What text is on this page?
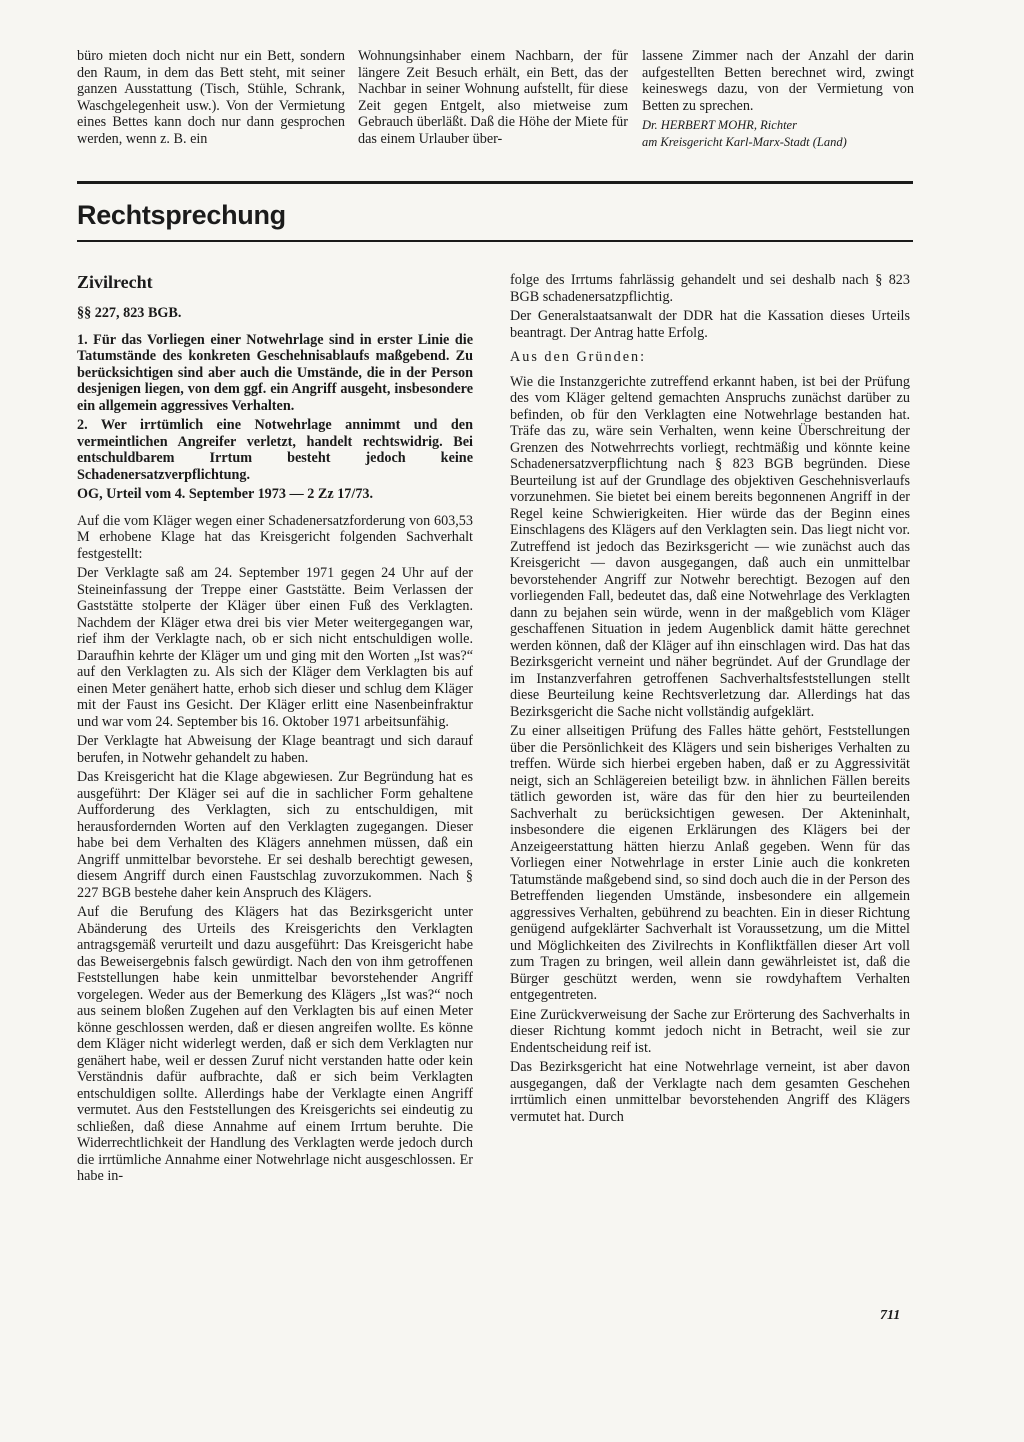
büro mieten doch nicht nur ein Bett, sondern den Raum, in dem das Bett steht, mit seiner ganzen Ausstattung (Tisch, Stühle, Schrank, Waschgelegenheit usw.). Von der Vermietung eines Bettes kann doch nur dann gesprochen werden, wenn z. B. ein

Wohnungsinhaber einem Nachbarn, der für längere Zeit Besuch erhält, ein Bett, das der Nachbar in seiner Wohnung aufstellt, für diese Zeit gegen Entgelt, also mietweise zum Gebrauch überläßt. Daß die Höhe der Miete für das einem Urlauber über-

lassene Zimmer nach der Anzahl der darin aufgestellten Betten berechnet wird, zwingt keineswegs dazu, von der Vermietung von Betten zu sprechen.

Dr. HERBERT MOHR, Richter

am Kreisgericht Karl-Marx-Stadt (Land)

Rechtsprechung
Zivilrecht

§§ 227, 823 BGB.

1. Für das Vorliegen einer Notwehrlage sind in erster Linie die Tatumstände des konkreten Geschehnisablaufs maßgebend. Zu berücksichtigen sind aber auch die Umstände, die in der Person desjenigen liegen, von dem ggf. ein Angriff ausgeht, insbesondere ein allgemein aggressives Verhalten.

2. Wer irrtümlich eine Notwehrlage annimmt und den vermeintlichen Angreifer verletzt, handelt rechtswidrig. Bei entschuldbarem Irrtum besteht jedoch keine Schadenersatzverpflichtung.

OG, Urteil vom 4. September 1973 — 2 Zz 17/73.

Auf die vom Kläger wegen einer Schadenersatzforderung von 603,53 M erhobene Klage hat das Kreisgericht folgenden Sachverhalt festgestellt:

Der Verklagte saß am 24. September 1971 gegen 24 Uhr auf der Steineinfassung der Treppe einer Gaststätte. Beim Verlassen der Gaststätte stolperte der Kläger über einen Fuß des Verklagten. Nachdem der Kläger etwa drei bis vier Meter weitergegangen war, rief ihm der Verklagte nach, ob er sich nicht entschuldigen wolle. Daraufhin kehrte der Kläger um und ging mit den Worten „Ist was?“ auf den Verklagten zu. Als sich der Kläger dem Verklagten bis auf einen Meter genähert hatte, erhob sich dieser und schlug dem Kläger mit der Faust ins Gesicht. Der Kläger erlitt eine Nasenbeinfraktur und war vom 24. September bis 16. Oktober 1971 arbeitsunfähig.

Der Verklagte hat Abweisung der Klage beantragt und sich darauf berufen, in Notwehr gehandelt zu haben.

Das Kreisgericht hat die Klage abgewiesen. Zur Begründung hat es ausgeführt: Der Kläger sei auf die in sachlicher Form gehaltene Aufforderung des Verklagten, sich zu entschuldigen, mit herausfordernden Worten auf den Verklagten zugegangen. Dieser habe bei dem Verhalten des Klägers annehmen müssen, daß ein Angriff unmittelbar bevorstehe. Er sei deshalb berechtigt gewesen, diesem Angriff durch einen Faustschlag zuvorzukommen. Nach § 227 BGB bestehe daher kein Anspruch des Klägers.

Auf die Berufung des Klägers hat das Bezirksgericht unter Abänderung des Urteils des Kreisgerichts den Verklagten antragsgemäß verurteilt und dazu ausgeführt: Das Kreisgericht habe das Beweisergebnis falsch gewürdigt. Nach den von ihm getroffenen Feststellungen habe kein unmittelbar bevorstehender Angriff vorgelegen. Weder aus der Bemerkung des Klägers „Ist was?“ noch aus seinem bloßen Zugehen auf den Verklagten bis auf einen Meter könne geschlossen werden, daß er diesen angreifen wollte. Es könne dem Kläger nicht widerlegt werden, daß er sich dem Verklagten nur genähert habe, weil er dessen Zuruf nicht verstanden hatte oder kein Verständnis dafür aufbrachte, daß er sich beim Verklagten entschuldigen sollte. Allerdings habe der Verklagte einen Angriff vermutet. Aus den Feststellungen des Kreisgerichts sei eindeutig zu schließen, daß diese Annahme auf einem Irrtum beruhte. Die Widerrechtlichkeit der Handlung des Verklagten werde jedoch durch die irrtümliche Annahme einer Notwehrlage nicht ausgeschlossen. Er habe in-

folge des Irrtums fahrlässig gehandelt und sei deshalb nach § 823 BGB schadenersatzpflichtig.

Der Generalstaatsanwalt der DDR hat die Kassation dieses Urteils beantragt. Der Antrag hatte Erfolg.

Aus den Gründen:

Wie die Instanzgerichte zutreffend erkannt haben, ist bei der Prüfung des vom Kläger geltend gemachten Anspruchs zunächst darüber zu befinden, ob für den Verklagten eine Notwehrlage bestanden hat. Träfe das zu, wäre sein Verhalten, wenn keine Überschreitung der Grenzen des Notwehrrechts vorliegt, rechtmäßig und könnte keine Schadenersatzverpflichtung nach § 823 BGB begründen. Diese Beurteilung ist auf der Grundlage des objektiven Geschehnisverlaufs vorzunehmen. Sie bietet bei einem bereits begonnenen Angriff in der Regel keine Schwierigkeiten. Hier würde das der Beginn eines Einschlagens des Klägers auf den Verklagten sein. Das liegt nicht vor. Zutreffend ist jedoch das Bezirksgericht — wie zunächst auch das Kreisgericht — davon ausgegangen, daß auch ein unmittelbar bevorstehender Angriff zur Notwehr berechtigt. Bezogen auf den vorliegenden Fall, bedeutet das, daß eine Notwehrlage des Verklagten dann zu bejahen sein würde, wenn in der maßgeblich vom Kläger geschaffenen Situation in jedem Augenblick damit hätte gerechnet werden können, daß der Kläger auf ihn einschlagen wird. Das hat das Bezirksgericht verneint und näher begründet. Auf der Grundlage der im Instanzverfahren getroffenen Sachverhaltsfeststellungen stellt diese Beurteilung keine Rechtsverletzung dar. Allerdings hat das Bezirksgericht die Sache nicht vollständig aufgeklärt.

Zu einer allseitigen Prüfung des Falles hätte gehört, Feststellungen über die Persönlichkeit des Klägers und sein bisheriges Verhalten zu treffen. Würde sich hierbei ergeben haben, daß er zu Aggressivität neigt, sich an Schlägereien beteiligt bzw. in ähnlichen Fällen bereits tätlich geworden ist, wäre das für den hier zu beurteilenden Sachverhalt zu berücksichtigen gewesen. Der Akteninhalt, insbesondere die eigenen Erklärungen des Klägers bei der Anzeigeerstattung hätten hierzu Anlaß gegeben. Wenn für das Vorliegen einer Notwehrlage in erster Linie auch die konkreten Tatumstände maßgebend sind, so sind doch auch die in der Person des Betreffenden liegenden Umstände, insbesondere ein allgemein aggressives Verhalten, gebührend zu beachten. Ein in dieser Richtung genügend aufgeklärter Sachverhalt ist Voraussetzung, um die Mittel und Möglichkeiten des Zivilrechts in Konfliktfällen dieser Art voll zum Tragen zu bringen, weil allein dann gewährleistet ist, daß die Bürger geschützt werden, wenn sie rowdyhaftem Verhalten entgegentreten.

Eine Zurückverweisung der Sache zur Erörterung des Sachverhalts in dieser Richtung kommt jedoch nicht in Betracht, weil sie zur Endentscheidung reif ist.

Das Bezirksgericht hat eine Notwehrlage verneint, ist aber davon ausgegangen, daß der Verklagte nach dem gesamten Geschehen irrtümlich einen unmittelbar bevorstehenden Angriff des Klägers vermutet hat. Durch

711
